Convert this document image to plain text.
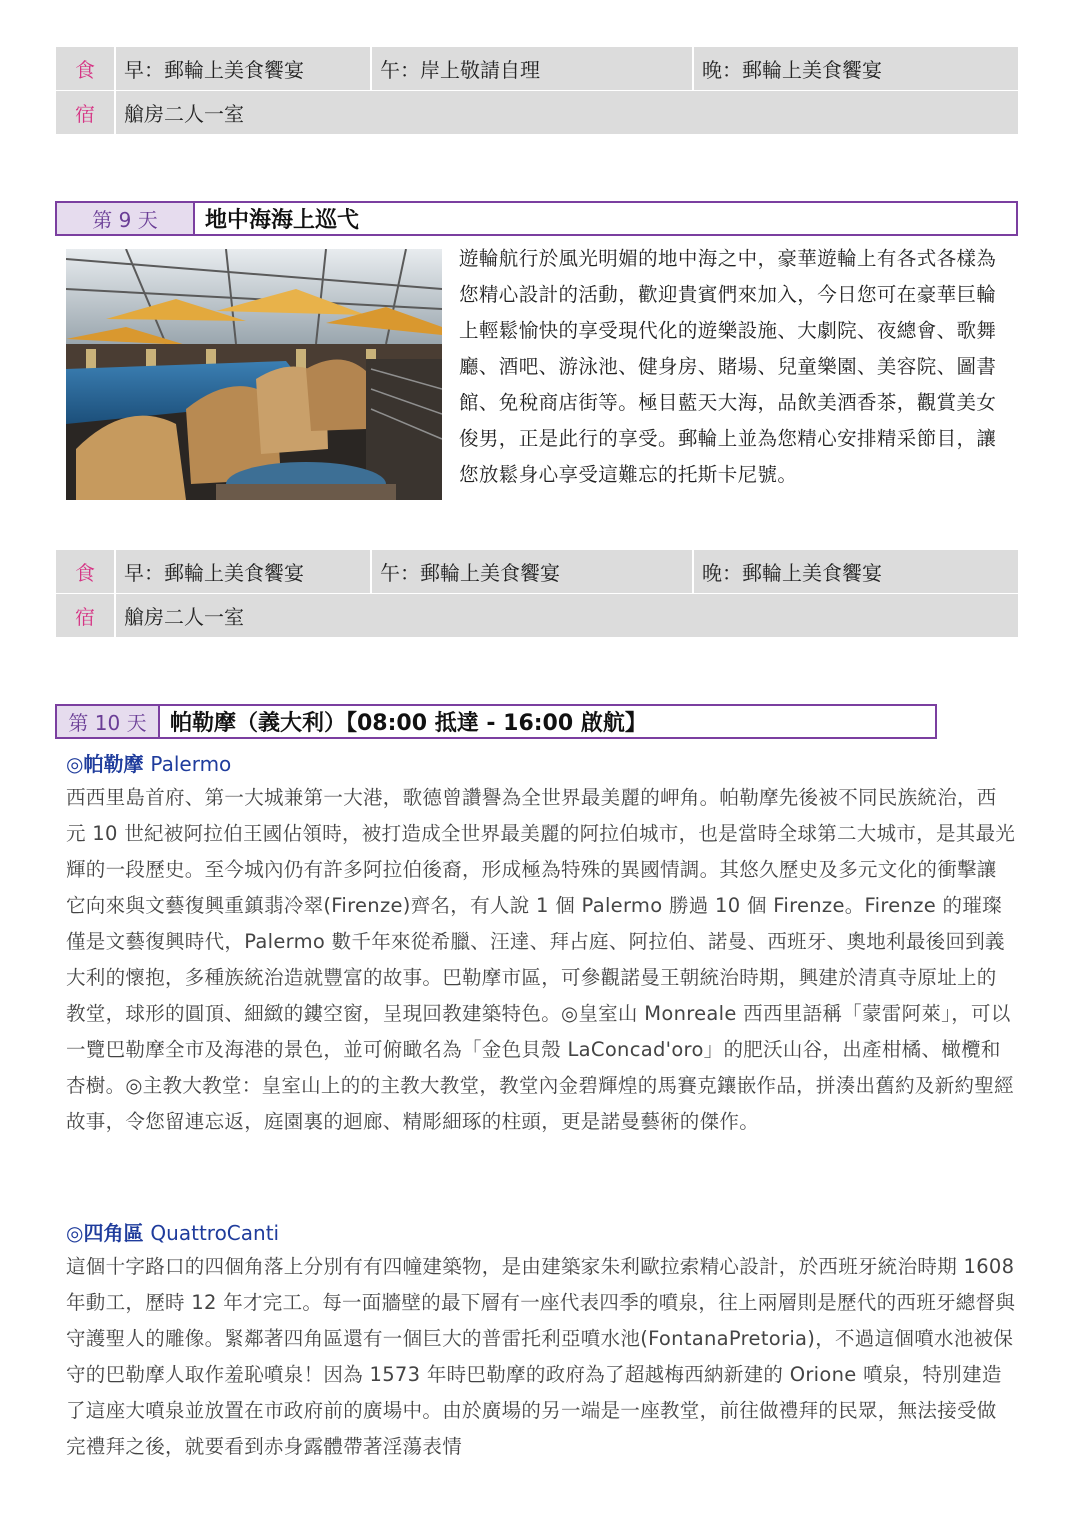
食	早：郵輪上美食饗宴	午：岸上敬請自理	晚：郵輪上美食饗宴
宿	艙房二人一室
第 9 天	地中海海上巡弋
遊輪航行於風光明媚的地中海之中，豪華遊輪上有各式各樣為您精心設計的活動，歡迎貴賓們來加入，今日您可在豪華巨輪上輕鬆愉快的享受現代化的遊樂設施、大劇院、夜總會、歌舞廳、酒吧、游泳池、健身房、賭場、兒童樂園、美容院、圖書館、免稅商店街等。極目藍天大海，品飲美酒香茶，觀賞美女俊男，正是此行的享受。郵輪上並為您精心安排精采節目，讓您放鬆身心享受這難忘的托斯卡尼號。
食	早：郵輪上美食饗宴	午：郵輪上美食饗宴	晚：郵輪上美食饗宴
宿	艙房二人一室
第 10 天	帕勒摩（義大利）【08:00 抵達 - 16:00 啟航】
◎帕勒摩 Palermo
西西里島首府、第一大城兼第一大港，歌德曾讚譽為全世界最美麗的岬角。帕勒摩先後被不同民族統治，西元 10 世紀被阿拉伯王國佔領時，被打造成全世界最美麗的阿拉伯城市，也是當時全球第二大城市，是其最光輝的一段歷史。至今城內仍有許多阿拉伯後裔，形成極為特殊的異國情調。其悠久歷史及多元文化的衝擊讓它向來與文藝復興重鎮翡冷翠(Firenze)齊名，有人說 1 個 Palermo 勝過 10 個 Firenze。Firenze 的璀璨僅是文藝復興時代，Palermo 數千年來從希臘、汪達、拜占庭、阿拉伯、諾曼、西班牙、奧地利最後回到義大利的懷抱，多種族統治造就豐富的故事。巴勒摩市區，可參觀諾曼王朝統治時期，興建於清真寺原址上的教堂，球形的圓頂、細緻的鏤空窗，呈現回教建築特色。◎皇室山 Monreale 西西里語稱「蒙雷阿萊」，可以一覽巴勒摩全市及海港的景色，並可俯瞰名為「金色貝殼 LaConcad'oro」的肥沃山谷，出產柑橘、橄欖和杏樹。◎主教大教堂：皇室山上的的主教大教堂，教堂內金碧輝煌的馬賽克鑲嵌作品，拼湊出舊約及新約聖經故事，令您留連忘返，庭園裏的迴廊、精彫細琢的柱頭，更是諾曼藝術的傑作。
◎四角區 QuattroCanti
這個十字路口的四個角落上分別有有四幢建築物，是由建築家朱利歐拉索精心設計，於西班牙統治時期 1608 年動工，歷時 12 年才完工。每一面牆壁的最下層有一座代表四季的噴泉，往上兩層則是歷代的西班牙總督與守護聖人的雕像。緊鄰著四角區還有一個巨大的普雷托利亞噴水池(FontanaPretoria)，不過這個噴水池被保守的巴勒摩人取作羞恥噴泉！因為 1573 年時巴勒摩的政府為了超越梅西納新建的 Orione 噴泉，特別建造了這座大噴泉並放置在市政府前的廣場中。由於廣場的另一端是一座教堂，前往做禮拜的民眾，無法接受做完禮拜之後，就要看到赤身露體帶著淫蕩表情
